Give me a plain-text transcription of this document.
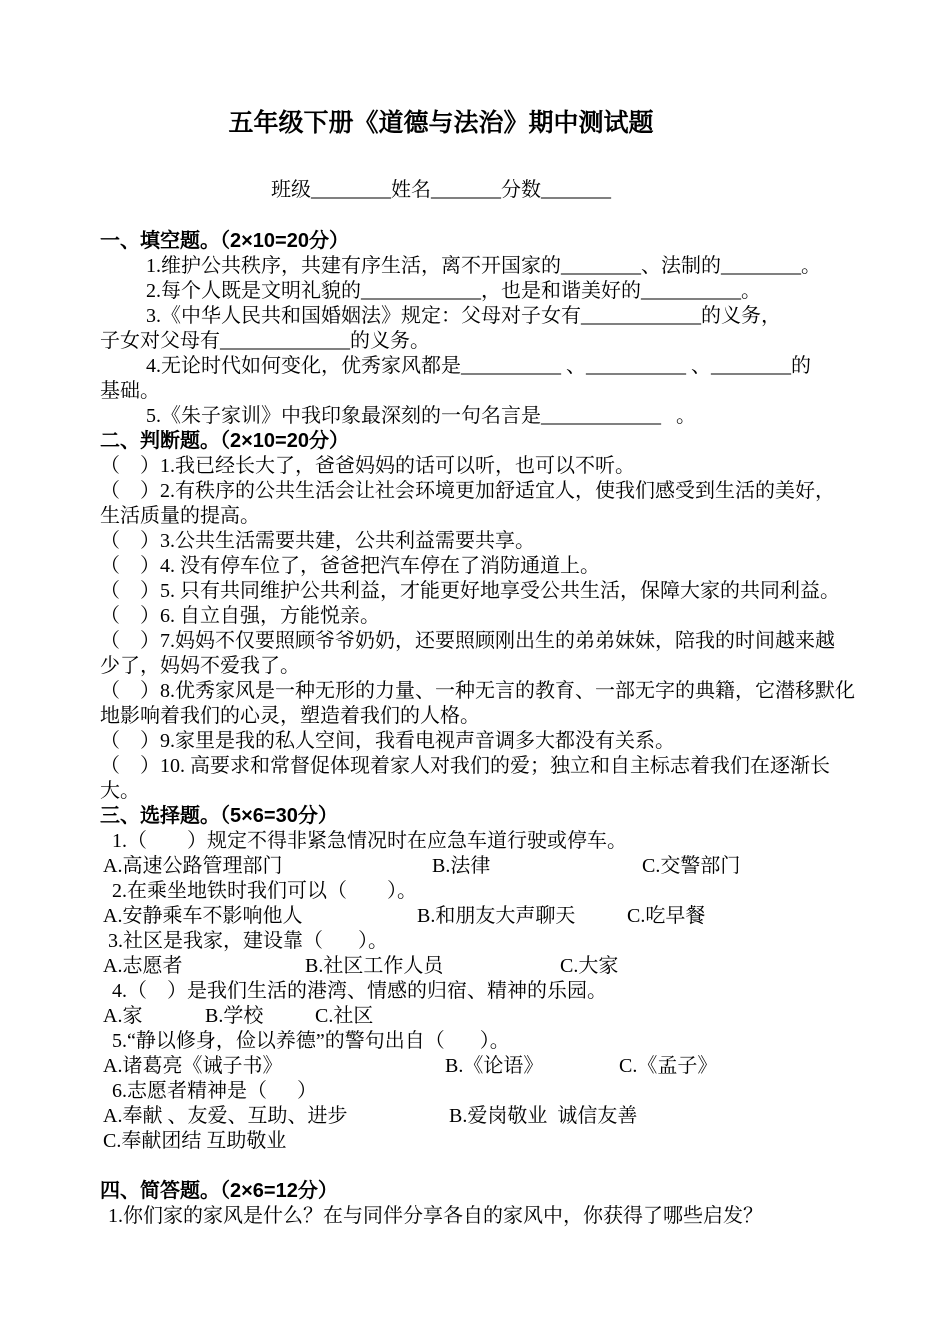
五年级下册《道德与法治》期中测试题

班级________姓名_______分数_______

一、填空题。（2×10=20分）

1.维护公共秩序，共建有序生活，离不开国家的________、法制的________。

2.每个人既是文明礼貌的____________，也是和谐美好的__________。

3.《中华人民共和国婚姻法》规定：父母对子女有____________的义务，

子女对父母有_____________的义务。

4.无论时代如何变化，优秀家风都是__________ 、__________ 、________的

基础。

5.《朱子家训》中我印象最深刻的一句名言是____________   。

二、判断题。（2×10=20分）

（    ）1.我已经长大了，爸爸妈妈的话可以听，也可以不听。

（    ）2.有秩序的公共生活会让社会环境更加舒适宜人，使我们感受到生活的美好，

生活质量的提高。

（    ）3.公共生活需要共建，公共利益需要共享。

（    ）4. 没有停车位了，爸爸把汽车停在了消防通道上。

（    ）5. 只有共同维护公共利益，才能更好地享受公共生活，保障大家的共同利益。

（    ）6. 自立自强，方能悦亲。

（    ）7.妈妈不仅要照顾爷爷奶奶，还要照顾刚出生的弟弟妹妹，陪我的时间越来越

少了，妈妈不爱我了。

（    ）8.优秀家风是一种无形的力量、一种无言的教育、一部无字的典籍，它潜移默化

地影响着我们的心灵，塑造着我们的人格。

（    ）9.家里是我的私人空间，我看电视声音调多大都没有关系。

（    ）10. 高要求和常督促体现着家人对我们的爱；独立和自主标志着我们在逐渐长

大。

三、选择题。（5×6=30分）

1.（        ）规定不得非紧急情况时在应急车道行驶或停车。

A.高速公路管理部门	B.法律	C.交警部门

2.在乘坐地铁时我们可以（        ）。

A.安静乘车不影响他人	B.和朋友大声聊天	C.吃早餐

3.社区是我家，建设靠（       ）。

A.志愿者	B.社区工作人员	C.大家

4.（    ）是我们生活的港湾、情感的归宿、精神的乐园。

A.家	B.学校	C.社区

5.“静以修身，俭以养德”的警句出自（       ）。

A.诸葛亮《诫子书》	B.《论语》	C.《孟子》

6.志愿者精神是（      ）

A.奉献 、友爱、互助、进步	B.爱岗敬业  诚信友善

C.奉献团结 互助敬业

四、简答题。（2×6=12分）

1.你们家的家风是什么？在与同伴分享各自的家风中，你获得了哪些启发？
